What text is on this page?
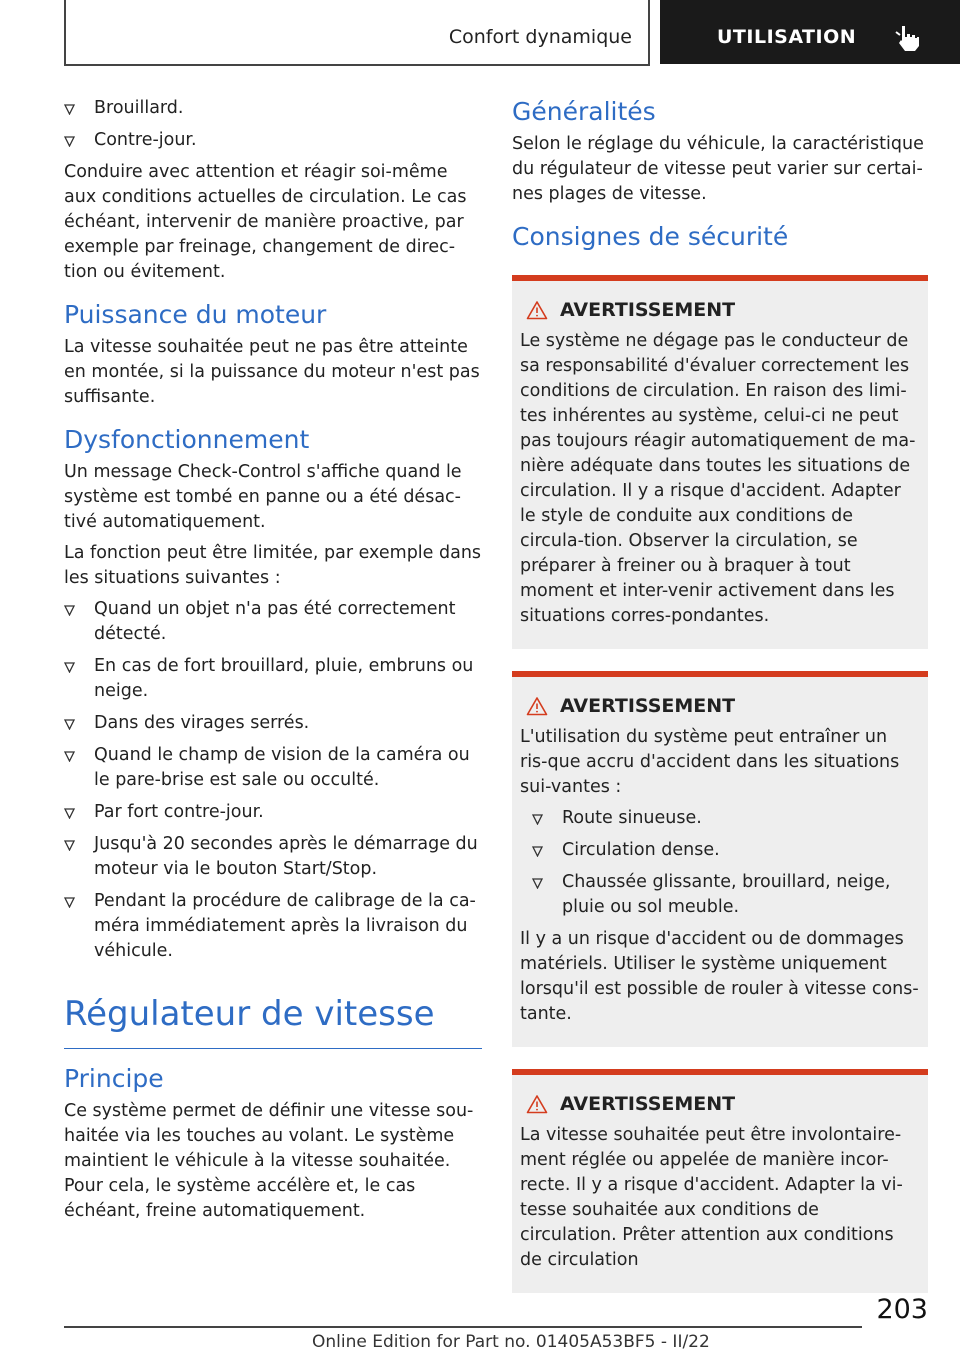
Confort dynamique	UTILISATION
Brouillard.
Contre-jour.

Conduire avec attention et réagir soi-même aux conditions actuelles de circulation. Le cas échéant, intervenir de manière proactive, par exemple par freinage, changement de direc-tion ou évitement.

Puissance du moteur

La vitesse souhaitée peut ne pas être atteinte en montée, si la puissance du moteur n'est pas suffisante.

Dysfonctionnement

Un message Check-Control s'affiche quand le système est tombé en panne ou a été désac-tivé automatiquement.

La fonction peut être limitée, par exemple dans les situations suivantes :

Quand un objet n'a pas été correctement détecté.
En cas de fort brouillard, pluie, embruns ou neige.
Dans des virages serrés.
Quand le champ de vision de la caméra ou le pare-brise est sale ou occulté.
Par fort contre-jour.
Jusqu'à 20 secondes après le démarrage du moteur via le bouton Start/Stop.
Pendant la procédure de calibrage de la ca-méra immédiatement après la livraison du véhicule.
Régulateur de vitesse
Principe

Ce système permet de définir une vitesse sou-haitée via les touches au volant. Le système maintient le véhicule à la vitesse souhaitée. Pour cela, le système accélère et, le cas échéant, freine automatiquement.

Généralités

Selon le réglage du véhicule, la caractéristique du régulateur de vitesse peut varier sur certai-nes plages de vitesse.

Consignes de sécurité
AVERTISSEMENT

Le système ne dégage pas le conducteur de sa responsabilité d'évaluer correctement les conditions de circulation. En raison des limi-tes inhérentes au système, celui-ci ne peut pas toujours réagir automatiquement de ma-nière adéquate dans toutes les situations de circulation. Il y a risque d'accident. Adapter le style de conduite aux conditions de circula-tion. Observer la circulation, se préparer à freiner ou à braquer à tout moment et inter-venir activement dans les situations corres-pondantes.

AVERTISSEMENT

L'utilisation du système peut entraîner un ris-que accru d'accident dans les situations sui-vantes :

Route sinueuse.
Circulation dense.
Chaussée glissante, brouillard, neige, pluie ou sol meuble.

Il y a un risque d'accident ou de dommages matériels. Utiliser le système uniquement lorsqu'il est possible de rouler à vitesse cons-tante.

AVERTISSEMENT

La vitesse souhaitée peut être involontaire-ment réglée ou appelée de manière incor-recte. Il y a risque d'accident. Adapter la vi-tesse souhaitée aux conditions de circulation. Prêter attention aux conditions de circulation

203
Online Edition for Part no. 01405A53BF5 - II/22
